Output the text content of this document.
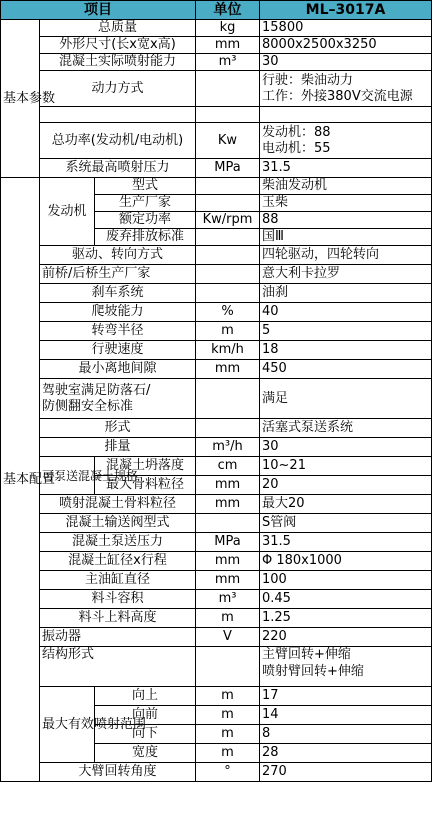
项目			单位	ML–3017A
基本参数	总质量		kg	15800
	外形尺寸(长x宽x高)		mm	8000x2500x3250
	混凝土实际喷射能力		m³	30
	动力方式			行驶：柴油动力
工作：外接380V交流电源

	总功率(发动机/电动机)		Kw	发动机：88
电动机：55

	系统最高喷射压力		MPa	31.5
基本配置	发动机	型式		柴油发动机
		生产厂家		玉柴
		额定功率	Kw/rpm	88
		废弃排放标准		国Ⅲ
	驱动、转向方式			四轮驱动，四轮转向
	前桥/后桥生产厂家			意大利卡拉罗
	刹车系统			油刹
	爬坡能力		%	40
	转弯半径		m	5
	行驶速度		km/h	18
	最小离地间隙		mm	450

	驾驶室满足防落石/
防侧翻安全标准			满足
	形式			活塞式泵送系统
	排量		m³/h	30
	可泵送混凝土规格	混凝土坍落度	cm	10~21
		最大骨料粒径	mm	20
	喷射混凝土骨料粒径		mm	最大20
	混凝土输送阀型式			S管阀
	混凝土泵送压力		MPa	31.5
	混凝土缸径x行程		mm	Φ 180x1000
	主油缸直径		mm	100
	料斗容积		m³	0.45
	料斗上料高度		m	1.25
	振动器		V	220
	结构形式			主臂回转+伸缩
				喷射臂回转+伸缩

	最大有效喷射范围	向上	m	17
		向前	m	14
		向下	m	8
		宽度	m	28
	大臂回转角度		°	270
